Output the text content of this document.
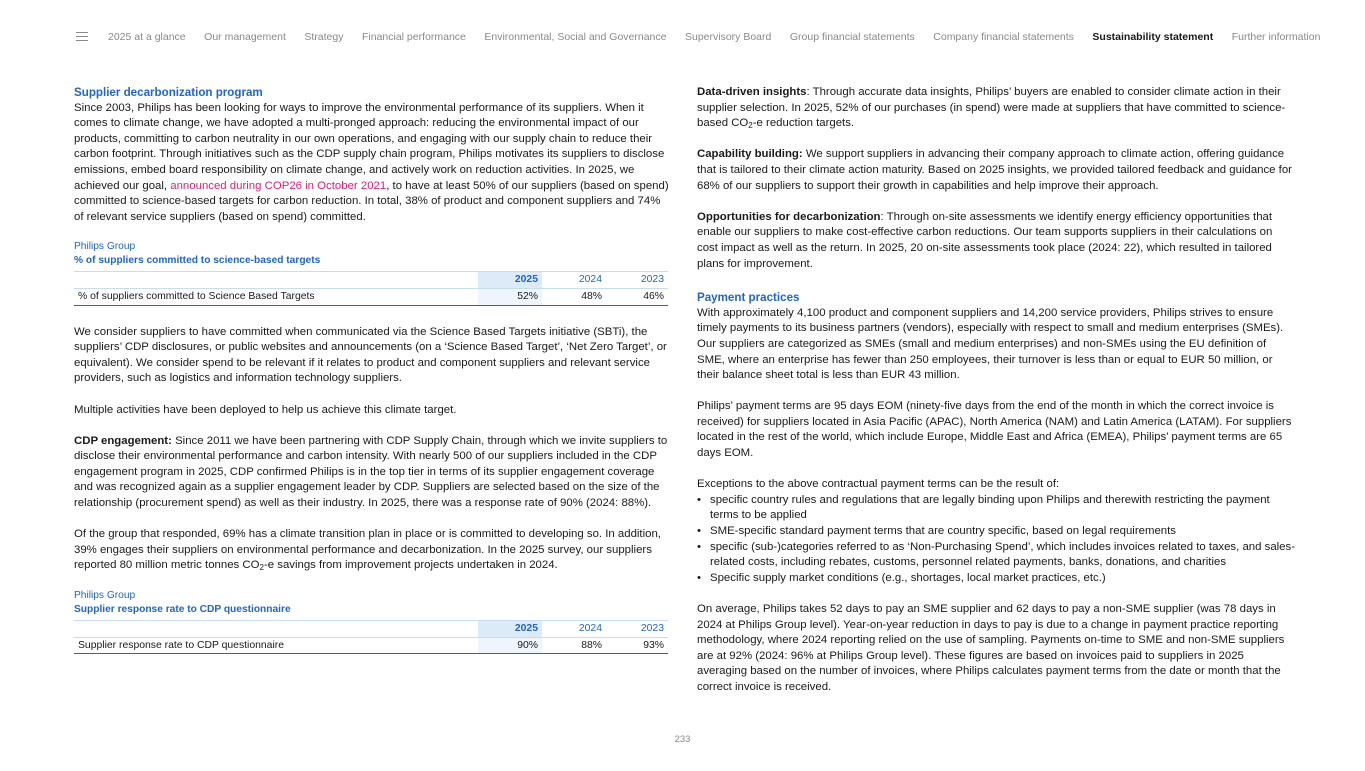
2025 at a glance Our management Strategy Financial performance Environmental, Social and Governance Supervisory Board Group financial statements Company financial statements Sustainability statement Further information

Supplier decarbonization program

Since 2003, Philips has been looking for ways to improve the environmental performance of its suppliers. When it comes to climate change, we have adopted a multi-pronged approach: reducing the environmental impact of our products, committing to carbon neutrality in our own operations, and engaging with our supply chain to reduce their carbon footprint. Through initiatives such as the CDP supply chain program, Philips motivates its suppliers to disclose emissions, embed board responsibility on climate change, and actively work on reduction activities. In 2025, we achieved our goal, announced during COP26 in October 2021, to have at least 50% of our suppliers (based on spend) committed to science-based targets for carbon reduction. In total, 38% of product and component suppliers and 74% of relevant service suppliers (based on spend) committed.

Philips Group
% of suppliers committed to science-based targets
	2025	2024	2023
% of suppliers committed to Science Based Targets	52%	48%	46%

We consider suppliers to have committed when communicated via the Science Based Targets initiative (SBTi), the suppliers’ CDP disclosures, or public websites and announcements (on a ‘Science Based Target’, ‘Net Zero Target’, or equivalent). We consider spend to be relevant if it relates to product and component suppliers and relevant service providers, such as logistics and information technology suppliers.

Multiple activities have been deployed to help us achieve this climate target.

CDP engagement: Since 2011 we have been partnering with CDP Supply Chain, through which we invite suppliers to disclose their environmental performance and carbon intensity. With nearly 500 of our suppliers included in the CDP engagement program in 2025, CDP confirmed Philips is in the top tier in terms of its supplier engagement coverage and was recognized again as a supplier engagement leader by CDP. Suppliers are selected based on the size of the relationship (procurement spend) as well as their industry. In 2025, there was a response rate of 90% (2024: 88%).

Of the group that responded, 69% has a climate transition plan in place or is committed to developing so. In addition, 39% engages their suppliers on environmental performance and decarbonization. In the 2025 survey, our suppliers reported 80 million metric tonnes $CO_2-e$ savings from improvement projects undertaken in 2024.

Philips Group
Supplier response rate to CDP questionnaire
	2025	2024	2023
Supplier response rate to CDP questionnaire	90%	88%	93%

Data-driven insights: Through accurate data insights, Philips’ buyers are enabled to consider climate action in their supplier selection. In 2025, 52% of our purchases (in spend) were made at suppliers that have committed to science-based $CO_2-e$ reduction targets.

Capability building: We support suppliers in advancing their company approach to climate action, offering guidance that is tailored to their climate action maturity. Based on 2025 insights, we provided tailored feedback and guidance for 68% of our suppliers to support their growth in capabilities and help improve their approach.

Opportunities for decarbonization: Through on-site assessments we identify energy efficiency opportunities that enable our suppliers to make cost-effective carbon reductions. Our team supports suppliers in their calculations on cost impact as well as the return. In 2025, 20 on-site assessments took place (2024: 22), which resulted in tailored plans for improvement.

Payment practices

With approximately 4,100 product and component suppliers and 14,200 service providers, Philips strives to ensure timely payments to its business partners (vendors), especially with respect to small and medium enterprises (SMEs). Our suppliers are categorized as SMEs (small and medium enterprises) and non-SMEs using the EU definition of SME, where an enterprise has fewer than 250 employees, their turnover is less than or equal to EUR 50 million, or their balance sheet total is less than EUR 43 million.

Philips’ payment terms are 95 days EOM (ninety-five days from the end of the month in which the correct invoice is received) for suppliers located in Asia Pacific (APAC), North America (NAM) and Latin America (LATAM). For suppliers located in the rest of the world, which include Europe, Middle East and Africa (EMEA), Philips’ payment terms are 65 days EOM.

Exceptions to the above contractual payment terms can be the result of:

• specific country rules and regulations that are legally binding upon Philips and therewith restricting the payment terms to be applied
• SME-specific standard payment terms that are country specific, based on legal requirements
• specific (sub-)categories referred to as ‘Non-Purchasing Spend’, which includes invoices related to taxes, and sales-related costs, including rebates, customs, personnel related payments, banks, donations, and charities
• Specific supply market conditions (e.g., shortages, local market practices, etc.)

On average, Philips takes 52 days to pay an SME supplier and 62 days to pay a non-SME supplier (was 78 days in 2024 at Philips Group level). Year-on-year reduction in days to pay is due to a change in payment practice reporting methodology, where 2024 reporting relied on the use of sampling. Payments on-time to SME and non-SME suppliers are at 92% (2024: 96% at Philips Group level). These figures are based on invoices paid to suppliers in 2025 averaging based on the number of invoices, where Philips calculates payment terms from the date or month that the correct invoice is received.

233
